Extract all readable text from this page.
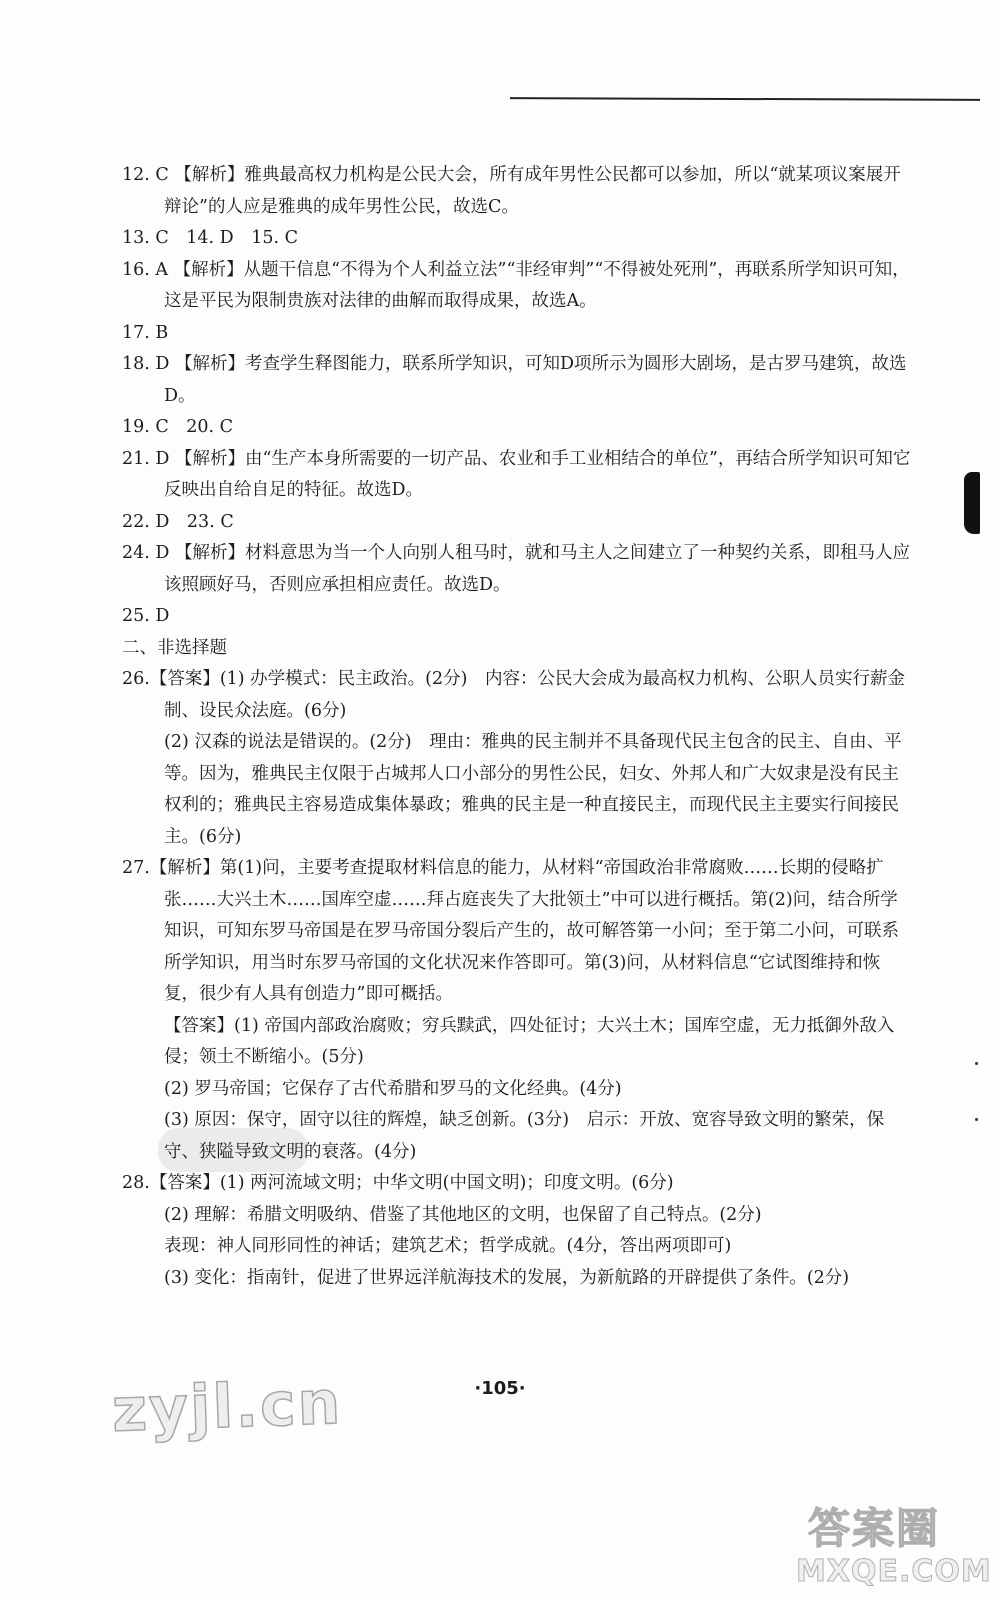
12. C 【解析】雅典最高权力机构是公民大会，所有成年男性公民都可以参加，所以“就某项议案展开辩论”的人应是雅典的成年男性公民，故选C。

13. C　14. D　15. C

16. A 【解析】从题干信息“不得为个人利益立法”“非经审判”“不得被处死刑”，再联系所学知识可知，这是平民为限制贵族对法律的曲解而取得成果，故选A。

17. B

18. D 【解析】考查学生释图能力，联系所学知识，可知D项所示为圆形大剧场，是古罗马建筑，故选D。

19. C　20. C

21. D 【解析】由“生产本身所需要的一切产品、农业和手工业相结合的单位”，再结合所学知识可知它反映出自给自足的特征。故选D。

22. D　23. C

24. D 【解析】材料意思为当一个人向别人租马时，就和马主人之间建立了一种契约关系，即租马人应该照顾好马，否则应承担相应责任。故选D。

25. D

二、非选择题

26.【答案】(1) 办学模式：民主政治。(2分)　内容：公民大会成为最高权力机构、公职人员实行薪金制、设民众法庭。(6分)

(2) 汉森的说法是错误的。(2分)　理由：雅典的民主制并不具备现代民主包含的民主、自由、平等。因为，雅典民主仅限于占城邦人口小部分的男性公民，妇女、外邦人和广大奴隶是没有民主权利的；雅典民主容易造成集体暴政；雅典的民主是一种直接民主，而现代民主主要实行间接民主。(6分)

27.【解析】第(1)问，主要考查提取材料信息的能力，从材料“帝国政治非常腐败……长期的侵略扩张……大兴土木……国库空虚……拜占庭丧失了大批领土”中可以进行概括。第(2)问，结合所学知识，可知东罗马帝国是在罗马帝国分裂后产生的，故可解答第一小问；至于第二小问，可联系所学知识，用当时东罗马帝国的文化状况来作答即可。第(3)问，从材料信息“它试图维持和恢复，很少有人具有创造力”即可概括。

【答案】(1) 帝国内部政治腐败；穷兵黩武，四处征讨；大兴土木；国库空虚，无力抵御外敌入侵；领土不断缩小。(5分)

(2) 罗马帝国；它保存了古代希腊和罗马的文化经典。(4分)

(3) 原因：保守，固守以往的辉煌，缺乏创新。(3分)　启示：开放、宽容导致文明的繁荣，保守、狭隘导致文明的衰落。(4分)

28.【答案】(1) 两河流域文明；中华文明(中国文明)；印度文明。(6分)

(2) 理解：希腊文明吸纳、借鉴了其他地区的文明，也保留了自己特点。(2分)

表现：神人同形同性的神话；建筑艺术；哲学成就。(4分，答出两项即可)

(3) 变化：指南针，促进了世界远洋航海技术的发展，为新航路的开辟提供了条件。(2分)

·105·
zyjl.cn
答案圈
MXQE.COM
